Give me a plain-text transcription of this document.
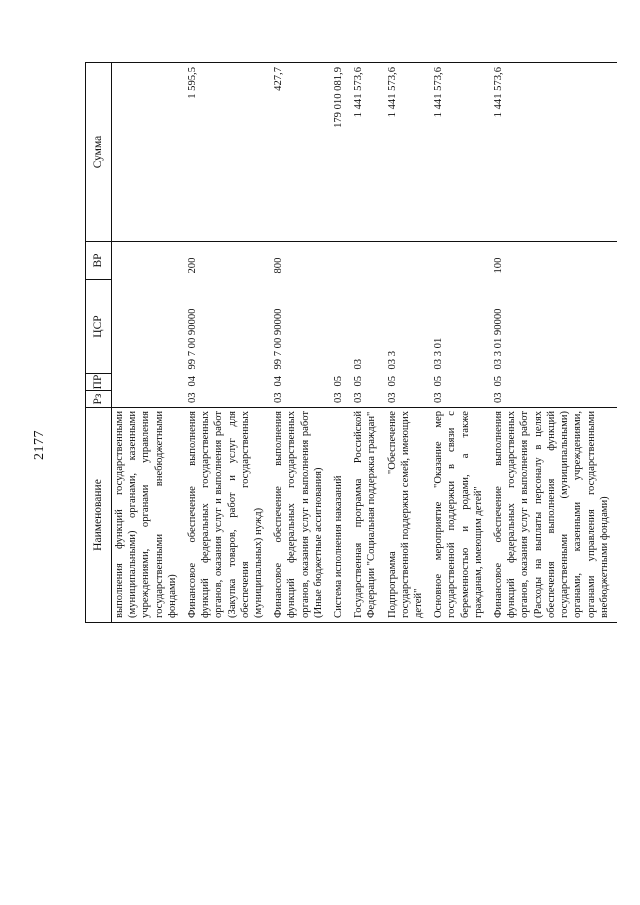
2177
Наименование	Рз	ПР	ЦСР	ВР	Сумма
выполнения функций государственными (муниципальными) органами, казенными учреждениями, органами управления государственными внебюджетными фондами)					
Финансовое обеспечение выполнения функций федеральных государственных органов, оказания услуг и выполнения работ (Закупка товаров, работ и услуг для обеспечения государственных (муниципальных) нужд)	03	04	99 7 00 90000	200	1 595,5
Финансовое обеспечение выполнения функций федеральных государственных органов, оказания услуг и выполнения работ (Иные бюджетные ассигнования)	03	04	99 7 00 90000	800	427,7
Система исполнения наказаний	03	05			179 010 081,9
Государственная программа Российской Федерации "Социальная поддержка граждан"	03	05	03		1 441 573,6
Подпрограмма "Обеспечение государственной поддержки семей, имеющих детей"	03	05	03 3		1 441 573,6
Основное мероприятие "Оказание мер государственной поддержки в связи с беременностью и родами, а также гражданам, имеющим детей"	03	05	03 3 01		1 441 573,6
Финансовое обеспечение выполнения функций федеральных государственных органов, оказания услуг и выполнения работ (Расходы на выплаты персоналу в целях обеспечения выполнения функций государственными (муниципальными) органами, казенными учреждениями, органами управления государственными внебюджетными фондами)	03	05	03 3 01 90000	100	1 441 573,6
